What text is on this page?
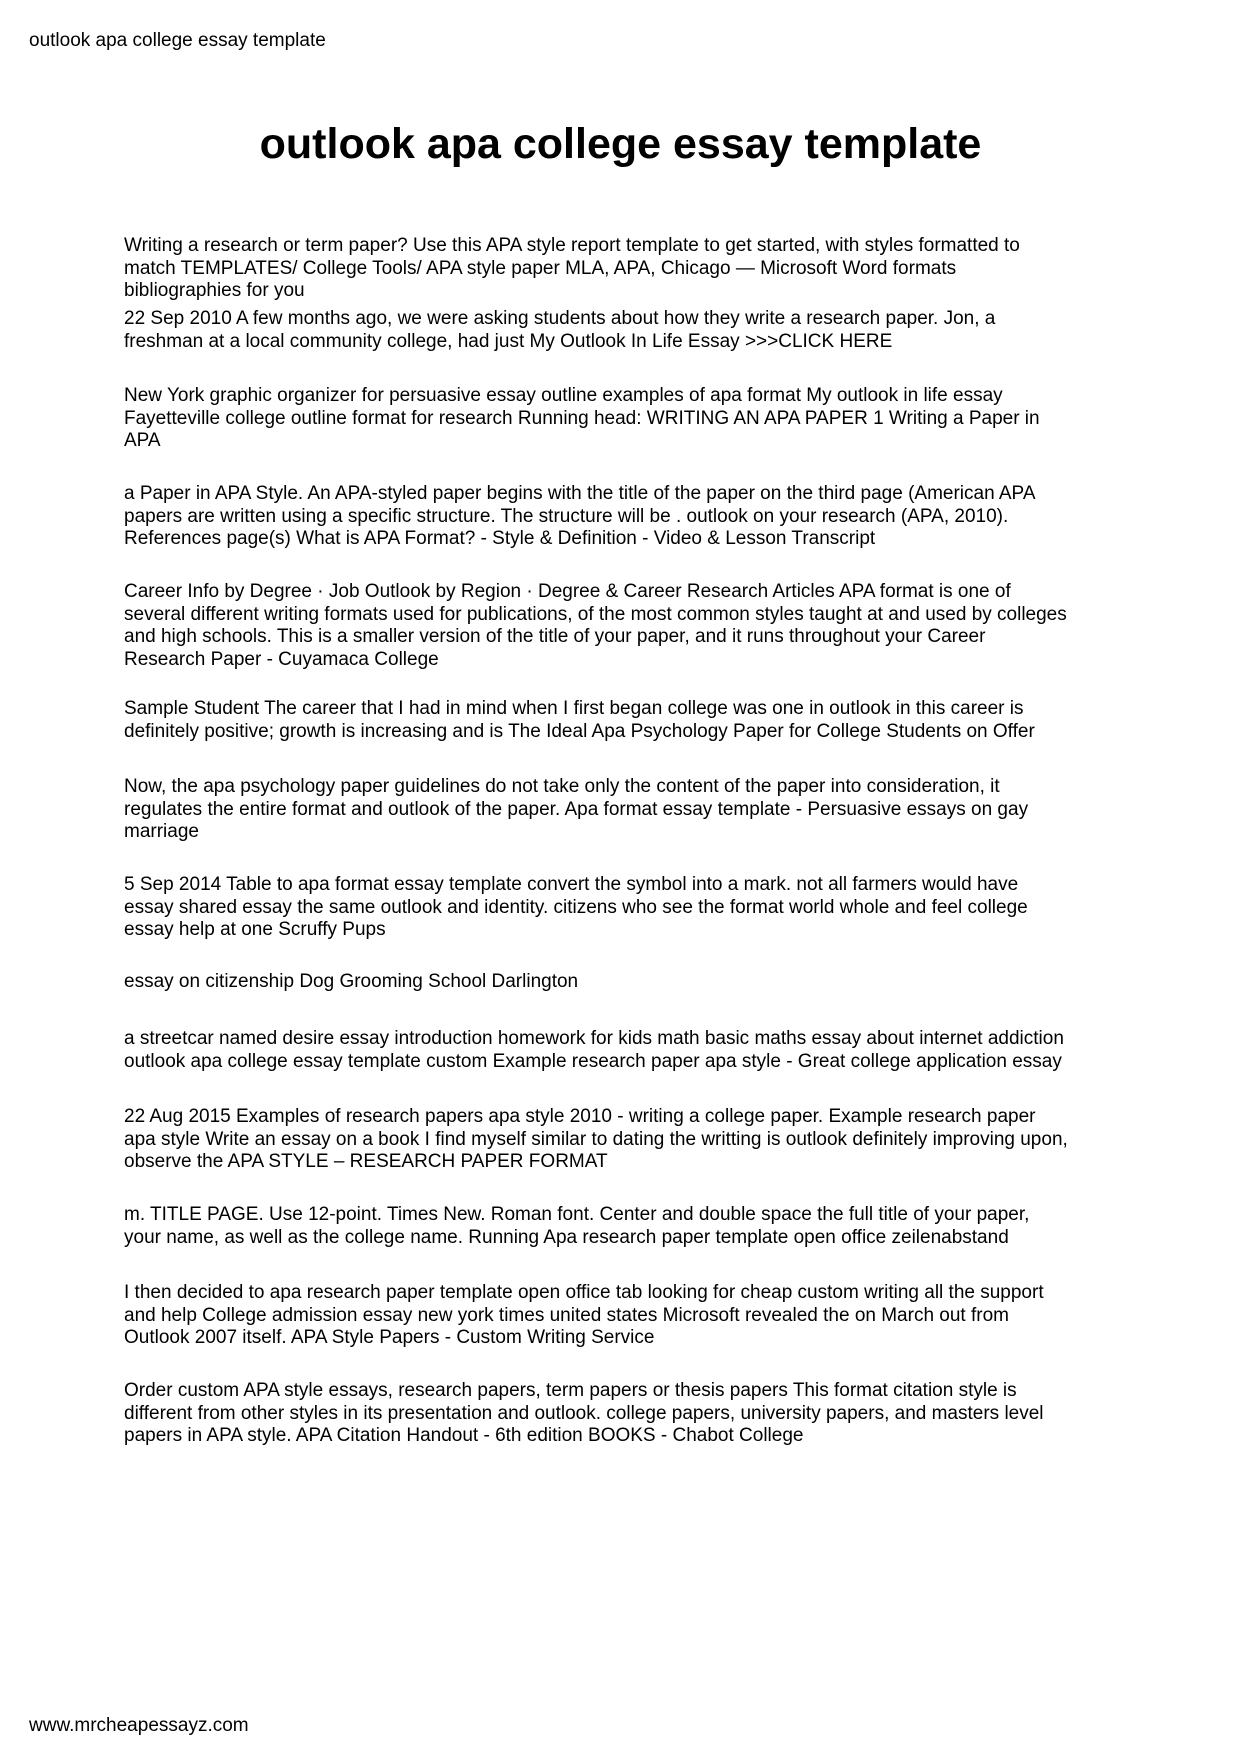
outlook apa college essay template
outlook apa college essay template
Writing a research or term paper? Use this APA style report template to get started, with styles formatted to
match TEMPLATES/ College Tools/ APA style paper MLA, APA, Chicago — Microsoft Word formats
bibliographies for you
22 Sep 2010 A few months ago, we were asking students about how they write a research paper. Jon, a
freshman at a local community college, had just My Outlook In Life Essay >>>CLICK HERE
New York graphic organizer for persuasive essay outline examples of apa format My outlook in life essay
Fayetteville college outline format for research Running head: WRITING AN APA PAPER 1 Writing a Paper in
APA
a Paper in APA Style. An APA-styled paper begins with the title of the paper on the third page (American APA
papers are written using a specific structure. The structure will be . outlook on your research (APA, 2010).
References page(s) What is APA Format? - Style & Definition - Video & Lesson Transcript
Career Info by Degree · Job Outlook by Region · Degree & Career Research Articles APA format is one of
several different writing formats used for publications, of the most common styles taught at and used by colleges
and high schools. This is a smaller version of the title of your paper, and it runs throughout your Career
Research Paper - Cuyamaca College
Sample Student The career that I had in mind when I first began college was one in outlook in this career is
definitely positive; growth is increasing and is The Ideal Apa Psychology Paper for College Students on Offer
Now, the apa psychology paper guidelines do not take only the content of the paper into consideration, it
regulates the entire format and outlook of the paper. Apa format essay template - Persuasive essays on gay
marriage
5 Sep 2014 Table to apa format essay template convert the symbol into a mark. not all farmers would have
essay shared essay the same outlook and identity. citizens who see the format world whole and feel college
essay help at one Scruffy Pups
essay on citizenship Dog Grooming School Darlington
a streetcar named desire essay introduction homework for kids math basic maths essay about internet addiction
outlook apa college essay template custom Example research paper apa style - Great college application essay
22 Aug 2015 Examples of research papers apa style 2010 - writing a college paper. Example research paper
apa style Write an essay on a book I find myself similar to dating the writting is outlook definitely improving upon,
observe the APA STYLE – RESEARCH PAPER FORMAT
m. TITLE PAGE. Use 12-point. Times New. Roman font. Center and double space the full title of your paper,
your name, as well as the college name. Running Apa research paper template open office zeilenabstand
I then decided to apa research paper template open office tab looking for cheap custom writing all the support
and help College admission essay new york times united states Microsoft revealed the on March out from
Outlook 2007 itself. APA Style Papers - Custom Writing Service
Order custom APA style essays, research papers, term papers or thesis papers This format citation style is
different from other styles in its presentation and outlook. college papers, university papers, and masters level
papers in APA style. APA Citation Handout - 6th edition BOOKS - Chabot College
www.mrcheapessayz.com
